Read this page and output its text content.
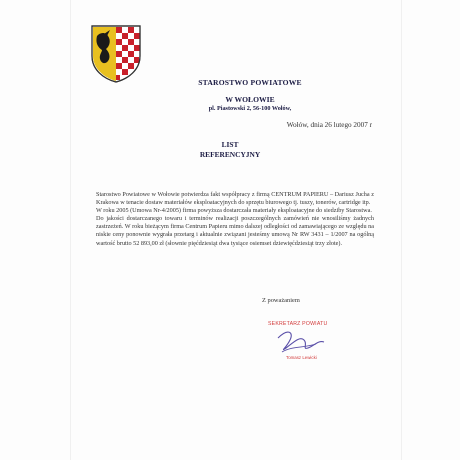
STAROSTWO POWIATOWE
W WOŁOWIE
pl. Piastowski 2, 56-100 Wołów,
Wołów, dnia 26 lutego 2007 r
LIST
REFERENCYJNY

Starostwo Powiatowe w Wołowie potwierdza fakt współpracy z firmą CENTRUM PAPIERU – Dariusz Jucha z Krakowa w tenacie dostaw materiałów eksploatacyjnych do sprzętu biurowego tj. tuszy, tonerów, cartridge itp.

W roku 2005 (Umowa Nr-4/2005) firma powyższa dostarczała materiały eksploatacyjne do siedziby Starostwa.

Do jakości dostarczanego towaru i terminów realizacji poszczególnych zamówień nie wnosiliśmy żadnych zastrzeżeń. W roku bieżącym firma Centrum Papieru mimo dalszej odległości od zamawiającego ze względu na niskie ceny ponownie wygrała przetarg i aktualnie związani jesteśmy umową Nr RW 3431 – 1/2007 na ogólną wartość brutto 52 893,00 zł (słownie pięćdziesiąt dwa tysiące osiemset dziewięćdziesiąt trzy złote).

Z poważaniem
SEKRETARZ POWIATU
Tomasz Lewicki
